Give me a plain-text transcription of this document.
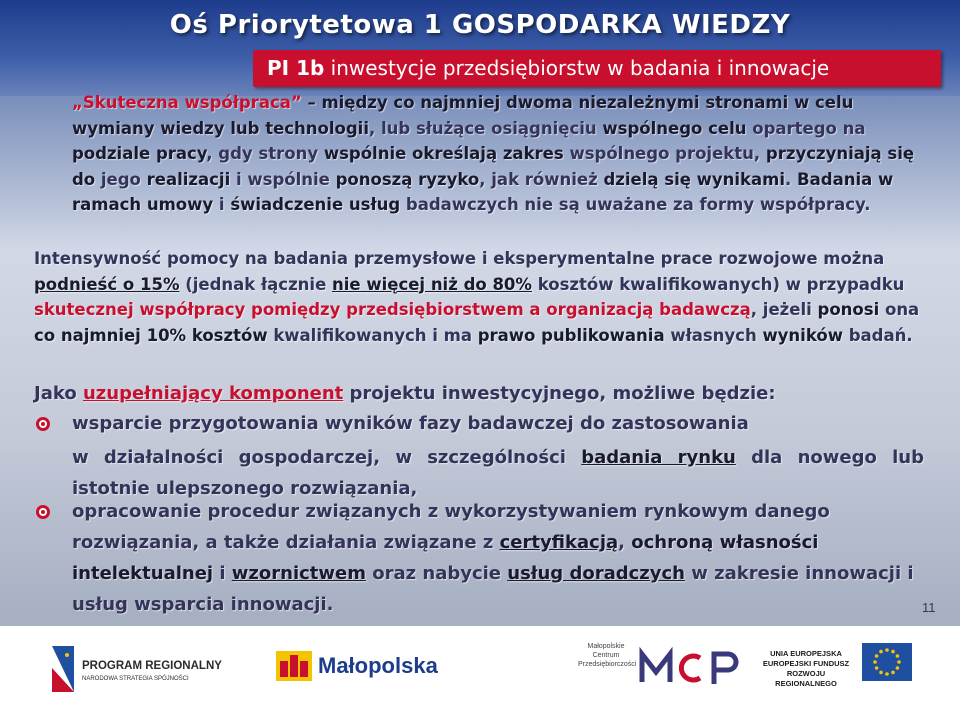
Oś Priorytetowa 1 GOSPODARKA WIEDZY
PI 1b inwestycje przedsiębiorstw w badania i innowacje
„Skuteczna współpraca” – między co najmniej dwoma niezależnymi stronami w celu wymiany wiedzy lub technologii, lub służące osiągnięciu wspólnego celu opartego na podziale pracy, gdy strony wspólnie określają zakres wspólnego projektu, przyczyniają się do jego realizacji i wspólnie ponoszą ryzyko, jak również dzielą się wynikami. Badania w ramach umowy i świadczenie usług badawczych nie są uważane za formy współpracy.
Intensywność pomocy na badania przemysłowe i eksperymentalne prace rozwojowe można podnieść o 15% (jednak łącznie nie więcej niż do 80% kosztów kwalifikowanych) w przypadku skutecznej współpracy pomiędzy przedsiębiorstwem a organizacją badawczą, jeżeli ponosi ona co najmniej 10% kosztów kwalifikowanych i ma prawo publikowania własnych wyników badań.
Jako uzupełniający komponent projektu inwestycyjnego, możliwe będzie:
wsparcie przygotowania wyników fazy badawczej do zastosowania
w działalności gospodarczej, w szczególności badania rynku dla nowego lub istotnie ulepszonego rozwiązania,
opracowanie procedur związanych z wykorzystywaniem rynkowym danego rozwiązania, a także działania związane z certyfikacją, ochroną własności intelektualnej i wzornictwem oraz nabycie usług doradczych w zakresie innowacji i usług wsparcia innowacji.	11
PROGRAM REGIONALNY
NARODOWA STRATEGIA SPÓJNOŚCI
Małopolska
Małopolskie Centrum Przedsiębiorczości
UNIA EUROPEJSKA
EUROPEJSKI FUNDUSZ
ROZWOJU REGIONALNEGO
